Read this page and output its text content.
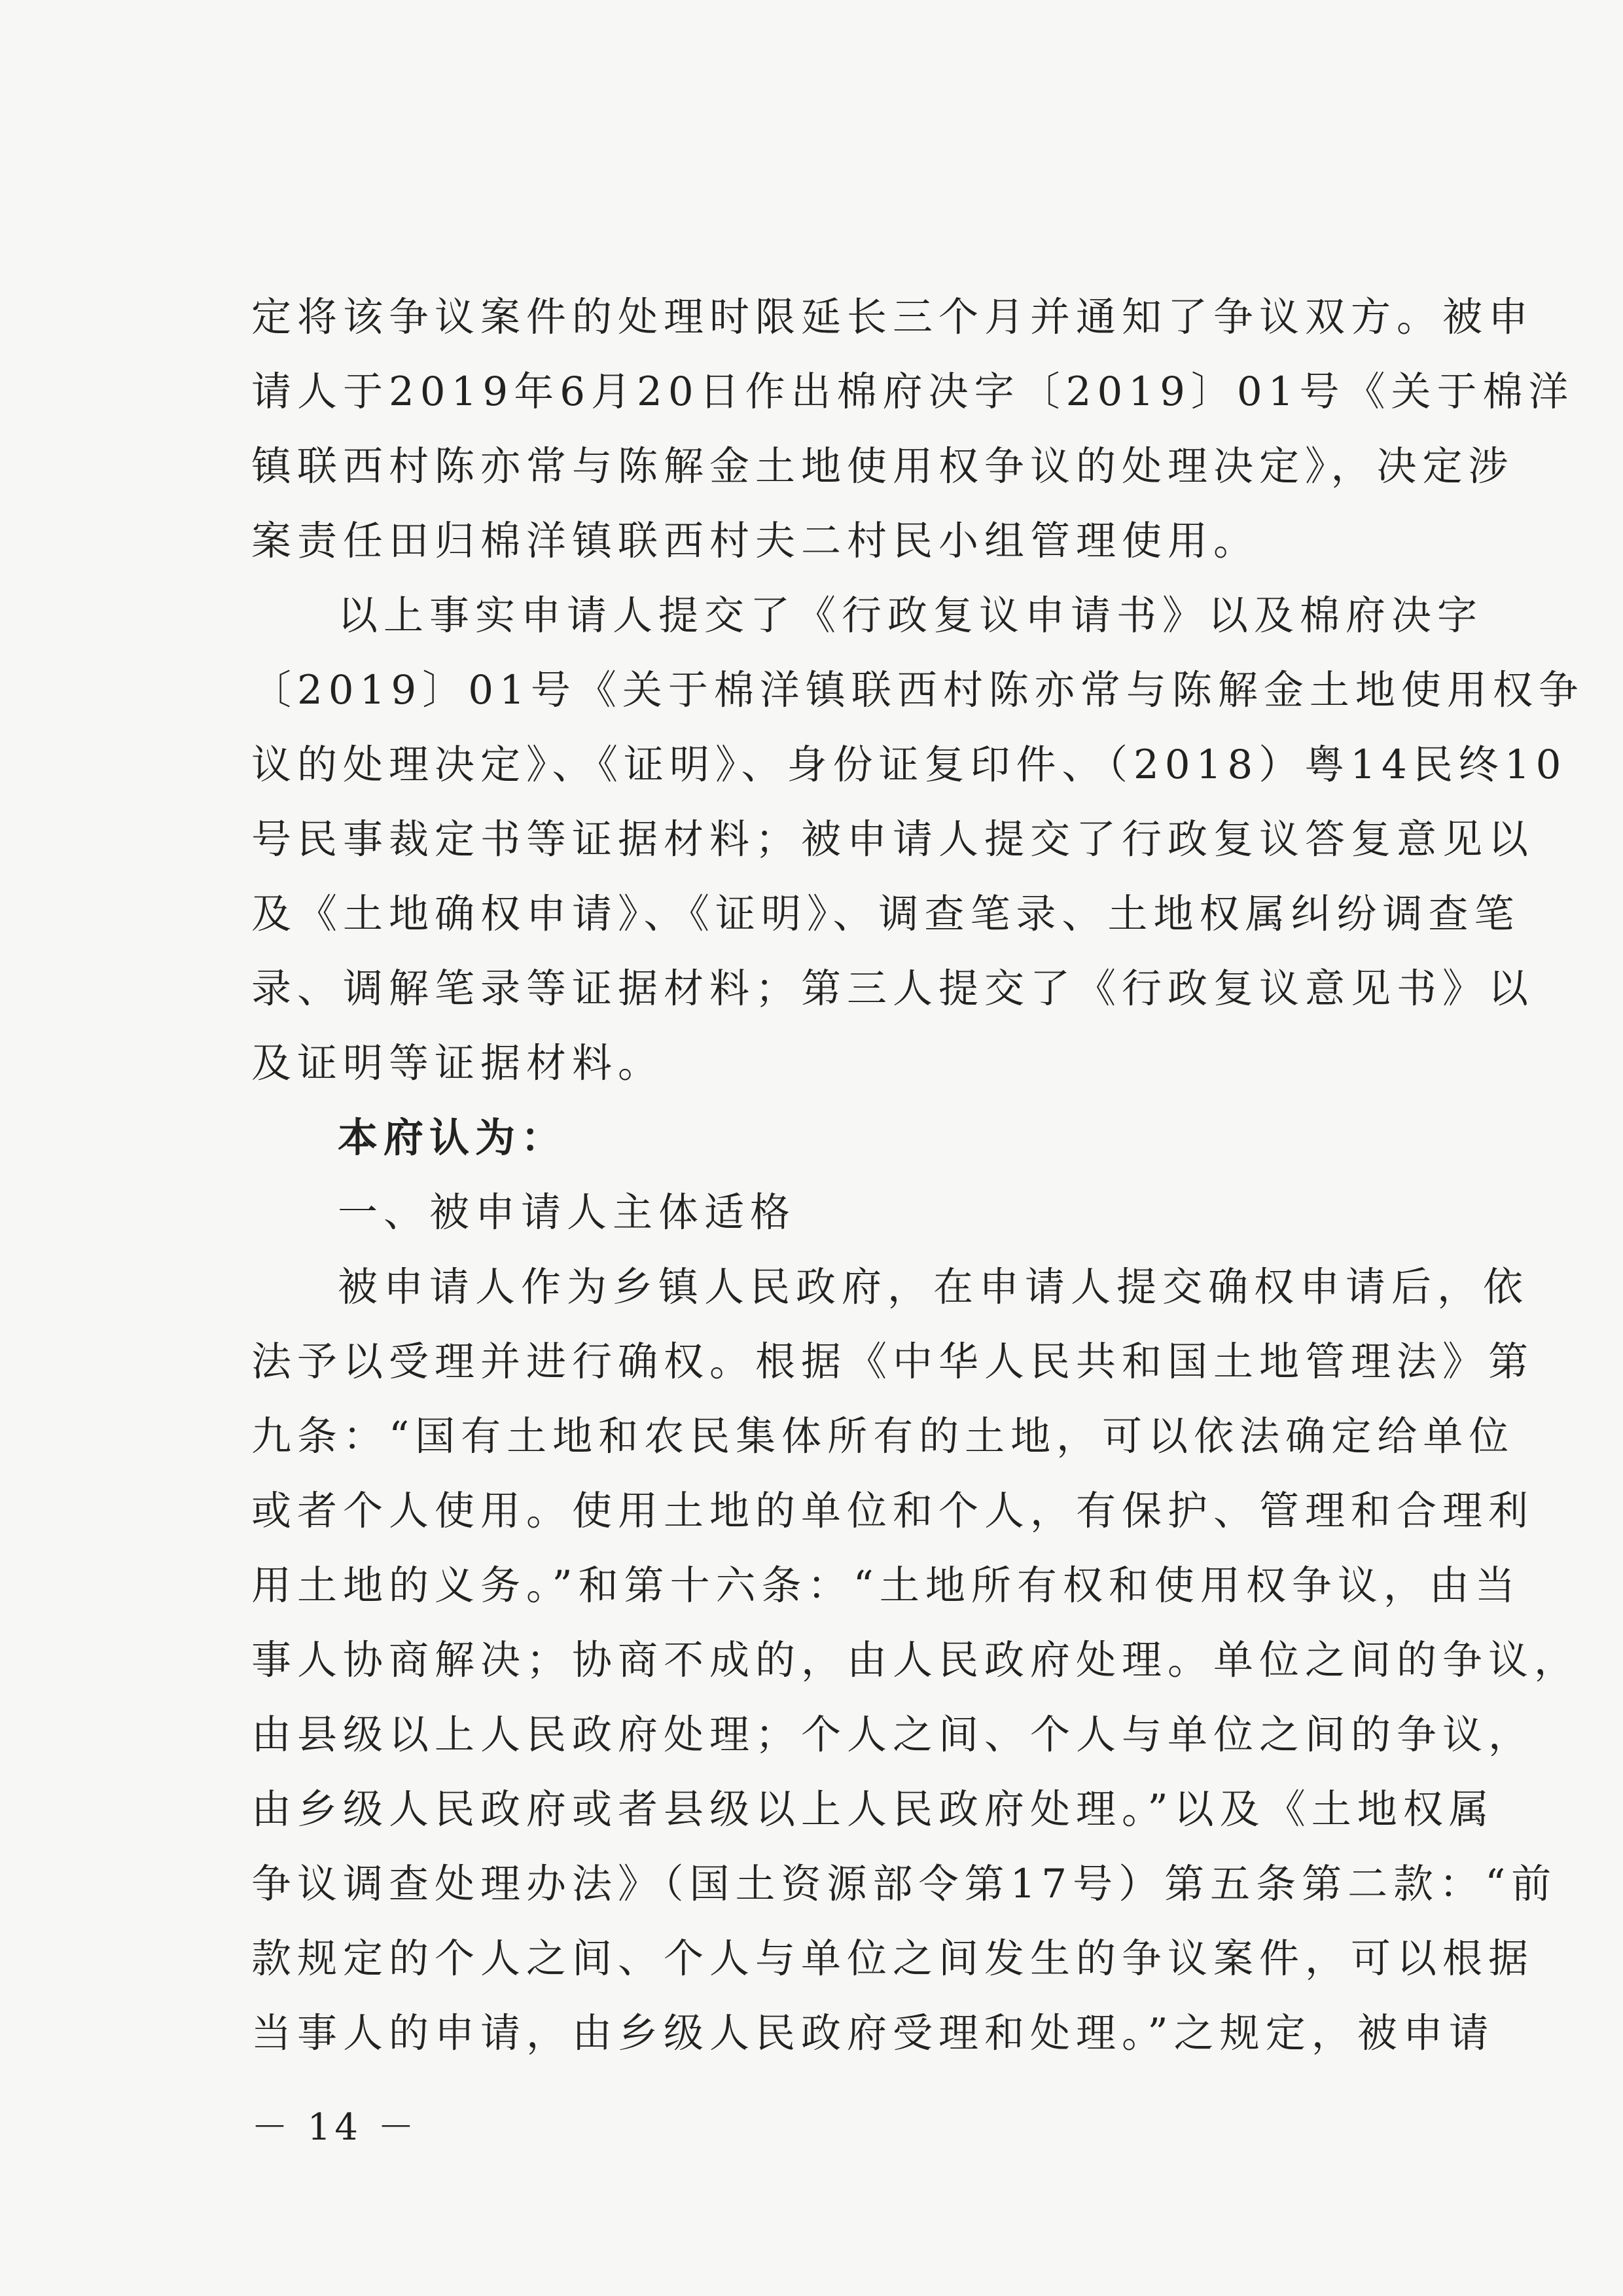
定将该争议案件的处理时限延长三个月并通知了争议双方。被申
请人于2019年6月20日作出棉府决字〔2019〕01号《关于棉洋
镇联西村陈亦常与陈解金土地使用权争议的处理决定》，决定涉
案责任田归棉洋镇联西村夫二村民小组管理使用。
以上事实申请人提交了《行政复议申请书》以及棉府决字
〔2019〕01号《关于棉洋镇联西村陈亦常与陈解金土地使用权争
议的处理决定》、《证明》、身份证复印件、（2018）粤14民终10
号民事裁定书等证据材料；被申请人提交了行政复议答复意见以
及《土地确权申请》、《证明》、调查笔录、土地权属纠纷调查笔
录、调解笔录等证据材料；第三人提交了《行政复议意见书》以
及证明等证据材料。
本府认为：
一、被申请人主体适格
被申请人作为乡镇人民政府，在申请人提交确权申请后，依
法予以受理并进行确权。根据《中华人民共和国土地管理法》第
九条：“国有土地和农民集体所有的土地，可以依法确定给单位
或者个人使用。使用土地的单位和个人，有保护、管理和合理利
用土地的义务。”和第十六条：“土地所有权和使用权争议，由当
事人协商解决；协商不成的，由人民政府处理。单位之间的争议，
由县级以上人民政府处理；个人之间、个人与单位之间的争议，
由乡级人民政府或者县级以上人民政府处理。”以及《土地权属
争议调查处理办法》（国土资源部令第17号）第五条第二款：“前
款规定的个人之间、个人与单位之间发生的争议案件，可以根据
当事人的申请，由乡级人民政府受理和处理。”之规定，被申请
－ 14 －
